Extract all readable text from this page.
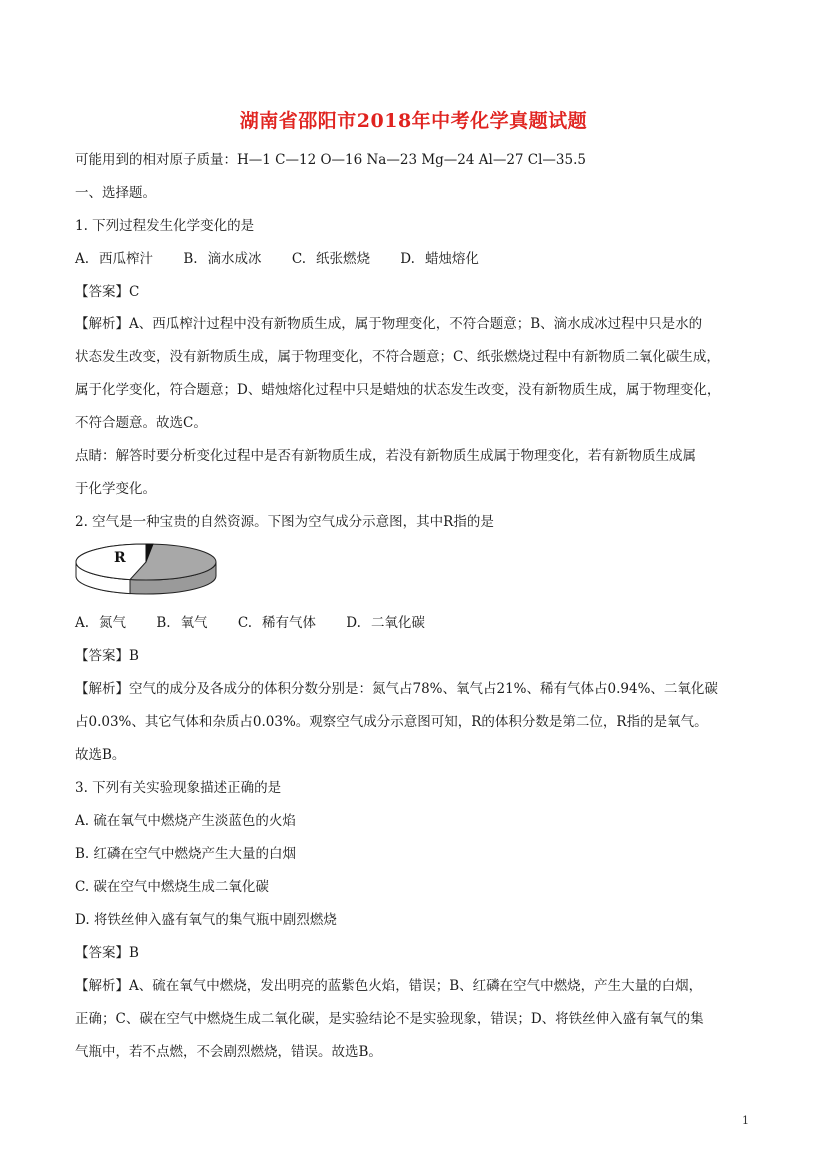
湖南省邵阳市2018年中考化学真题试题
可能用到的相对原子质量：H—1 C—12 O—16 Na—23 Mg—24 Al—27 Cl—35.5
一、选择题。
1. 下列过程发生化学变化的是
A. 西瓜榨汁 B. 滴水成冰 C. 纸张燃烧 D. 蜡烛熔化
【答案】C
【解析】A、西瓜榨汁过程中没有新物质生成，属于物理变化，不符合题意；B、滴水成冰过程中只是水的
状态发生改变，没有新物质生成，属于物理变化，不符合题意；C、纸张燃烧过程中有新物质二氧化碳生成，
属于化学变化，符合题意；D、蜡烛熔化过程中只是蜡烛的状态发生改变，没有新物质生成，属于物理变化，
不符合题意。故选C。
点睛：解答时要分析变化过程中是否有新物质生成，若没有新物质生成属于物理变化，若有新物质生成属
于化学变化。
2. 空气是一种宝贵的自然资源。下图为空气成分示意图，其中R指的是
R
A. 氮气 B. 氧气 C. 稀有气体 D. 二氧化碳
【答案】B
【解析】空气的成分及各成分的体积分数分别是：氮气占78%、氧气占21%、稀有气体占0.94%、二氧化碳
占0.03%、其它气体和杂质占0.03%。观察空气成分示意图可知，R的体积分数是第二位，R指的是氧气。
故选B。
3. 下列有关实验现象描述正确的是
A. 硫在氧气中燃烧产生淡蓝色的火焰
B. 红磷在空气中燃烧产生大量的白烟
C. 碳在空气中燃烧生成二氧化碳
D. 将铁丝伸入盛有氧气的集气瓶中剧烈燃烧
【答案】B
【解析】A、硫在氧气中燃烧，发出明亮的蓝紫色火焰，错误；B、红磷在空气中燃烧，产生大量的白烟，
正确；C、碳在空气中燃烧生成二氧化碳，是实验结论不是实验现象，错误；D、将铁丝伸入盛有氧气的集
气瓶中，若不点燃，不会剧烈燃烧，错误。故选B。
1
